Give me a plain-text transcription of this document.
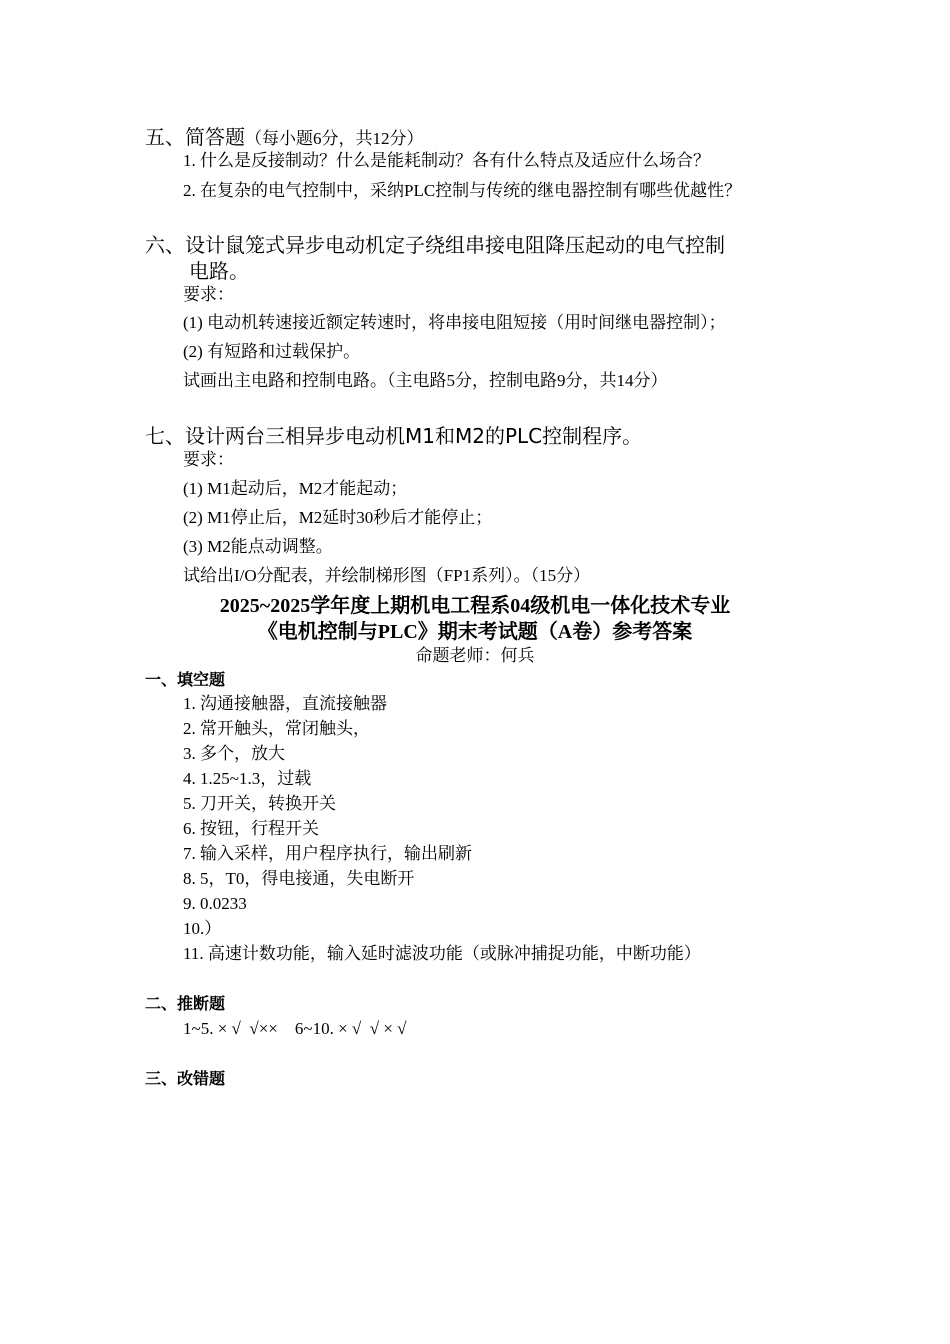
五、简答题（每小题6分，共12分）
1. 什么是反接制动？什么是能耗制动？各有什么特点及适应什么场合？
2. 在复杂的电气控制中，采纳PLC控制与传统的继电器控制有哪些优越性？
六、设计鼠笼式异步电动机定子绕组串接电阻降压起动的电气控制
电路。
要求：
(1) 电动机转速接近额定转速时，将串接电阻短接（用时间继电器控制）；
(2) 有短路和过载保护。
试画出主电路和控制电路。（主电路5分，控制电路9分，共14分）
七、设计两台三相异步电动机M1和M2的PLC控制程序。
要求：
(1) M1起动后，M2才能起动；
(2) M1停止后，M2延时30秒后才能停止；
(3) M2能点动调整。
试给出I/O分配表，并绘制梯形图（FP1系列）。（15分）
2025~2025学年度上期机电工程系04级机电一体化技术专业
《电机控制与PLC》期末考试题（A卷）参考答案
命题老师：何兵
一、填空题
1. 沟通接触器，直流接触器
2. 常开触头，常闭触头，
3. 多个，放大
4. 1.25~1.3，过载
5. 刀开关，转换开关
6. 按钮，行程开关
7. 输入采样，用户程序执行，输出刷新
8. 5，T0，得电接通，失电断开
9. 0.0233
10.）
11. 高速计数功能，输入延时滤波功能（或脉冲捕捉功能，中断功能）
二、推断题
1~5. × √  √××    6~10. × √  √ × √
三、改错题
